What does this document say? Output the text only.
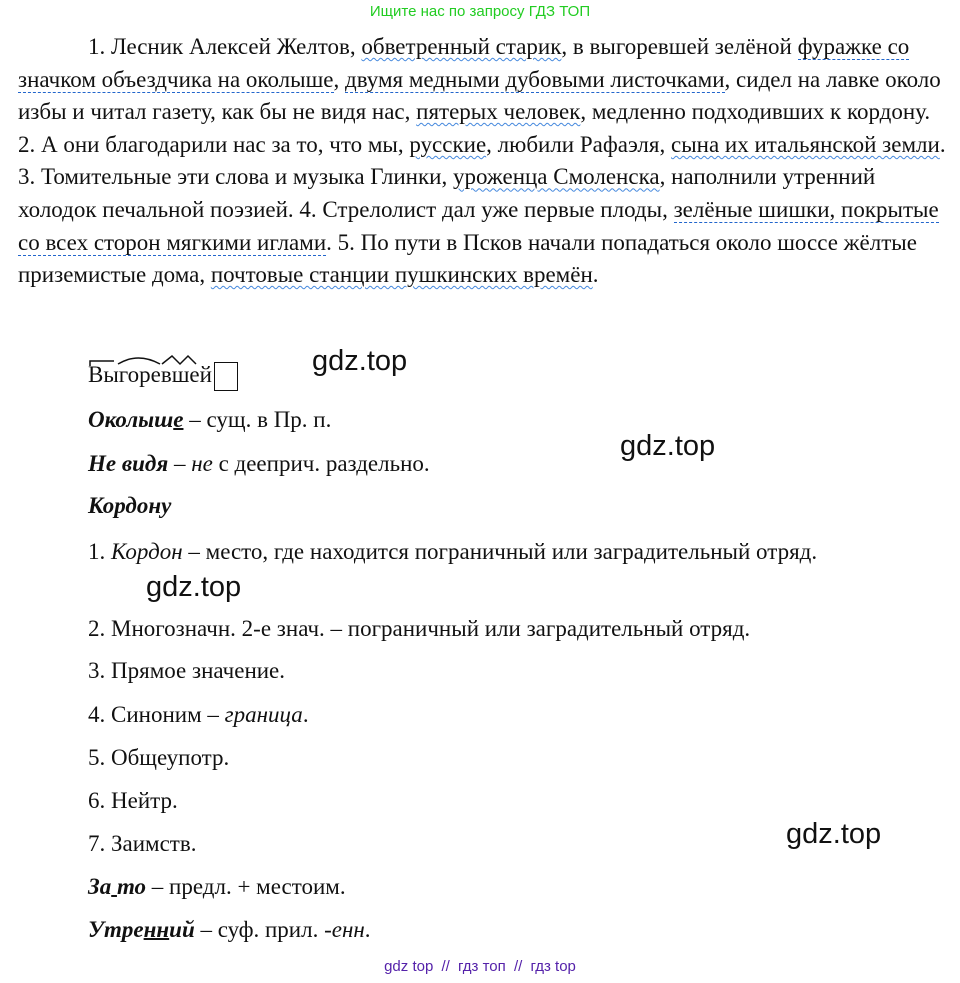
Ищите нас по запросу ГДЗ ТОП
1. Лесник Алексей Желтов, обветренный старик, в выгоревшей зелёной фуражке со значком объездчика на околыше, двумя медными дубовыми листочками, сидел на лавке около избы и читал газету, как бы не видя нас, пятерых человек, медленно подходивших к кордону. 2. А они благодарили нас за то, что мы, русские, любили Рафаэля, сына их итальянской земли. 3. Томительные эти слова и музыка Глинки, уроженца Смоленска, наполнили утренний холодок печальной поэзией. 4. Стрелолист дал уже первые плоды, зелёные шишки, покрытые со всех сторон мягкими иглами. 5. По пути в Псков начали попадаться около шоссе жёлтые приземистые дома, почтовые станции пушкинских времён.
Выгоревшей
Околыше – сущ. в Пр. п.
Не видя – не с дееприч. раздельно.
Кордону
1. Кордон – место, где находится пограничный или заградительный отряд.
2. Многозначн. 2-е знач. – пограничный или заградительный отряд.
3. Прямое значение.
4. Синоним – граница.
5. Общеупотр.
6. Нейтр.
7. Заимств.
За то – предл. + местоим.
Утренний – суф. прил. -енн.
gdz.top
gdz.top
gdz.top
gdz.top
gdz top // гдз топ // гдз top
